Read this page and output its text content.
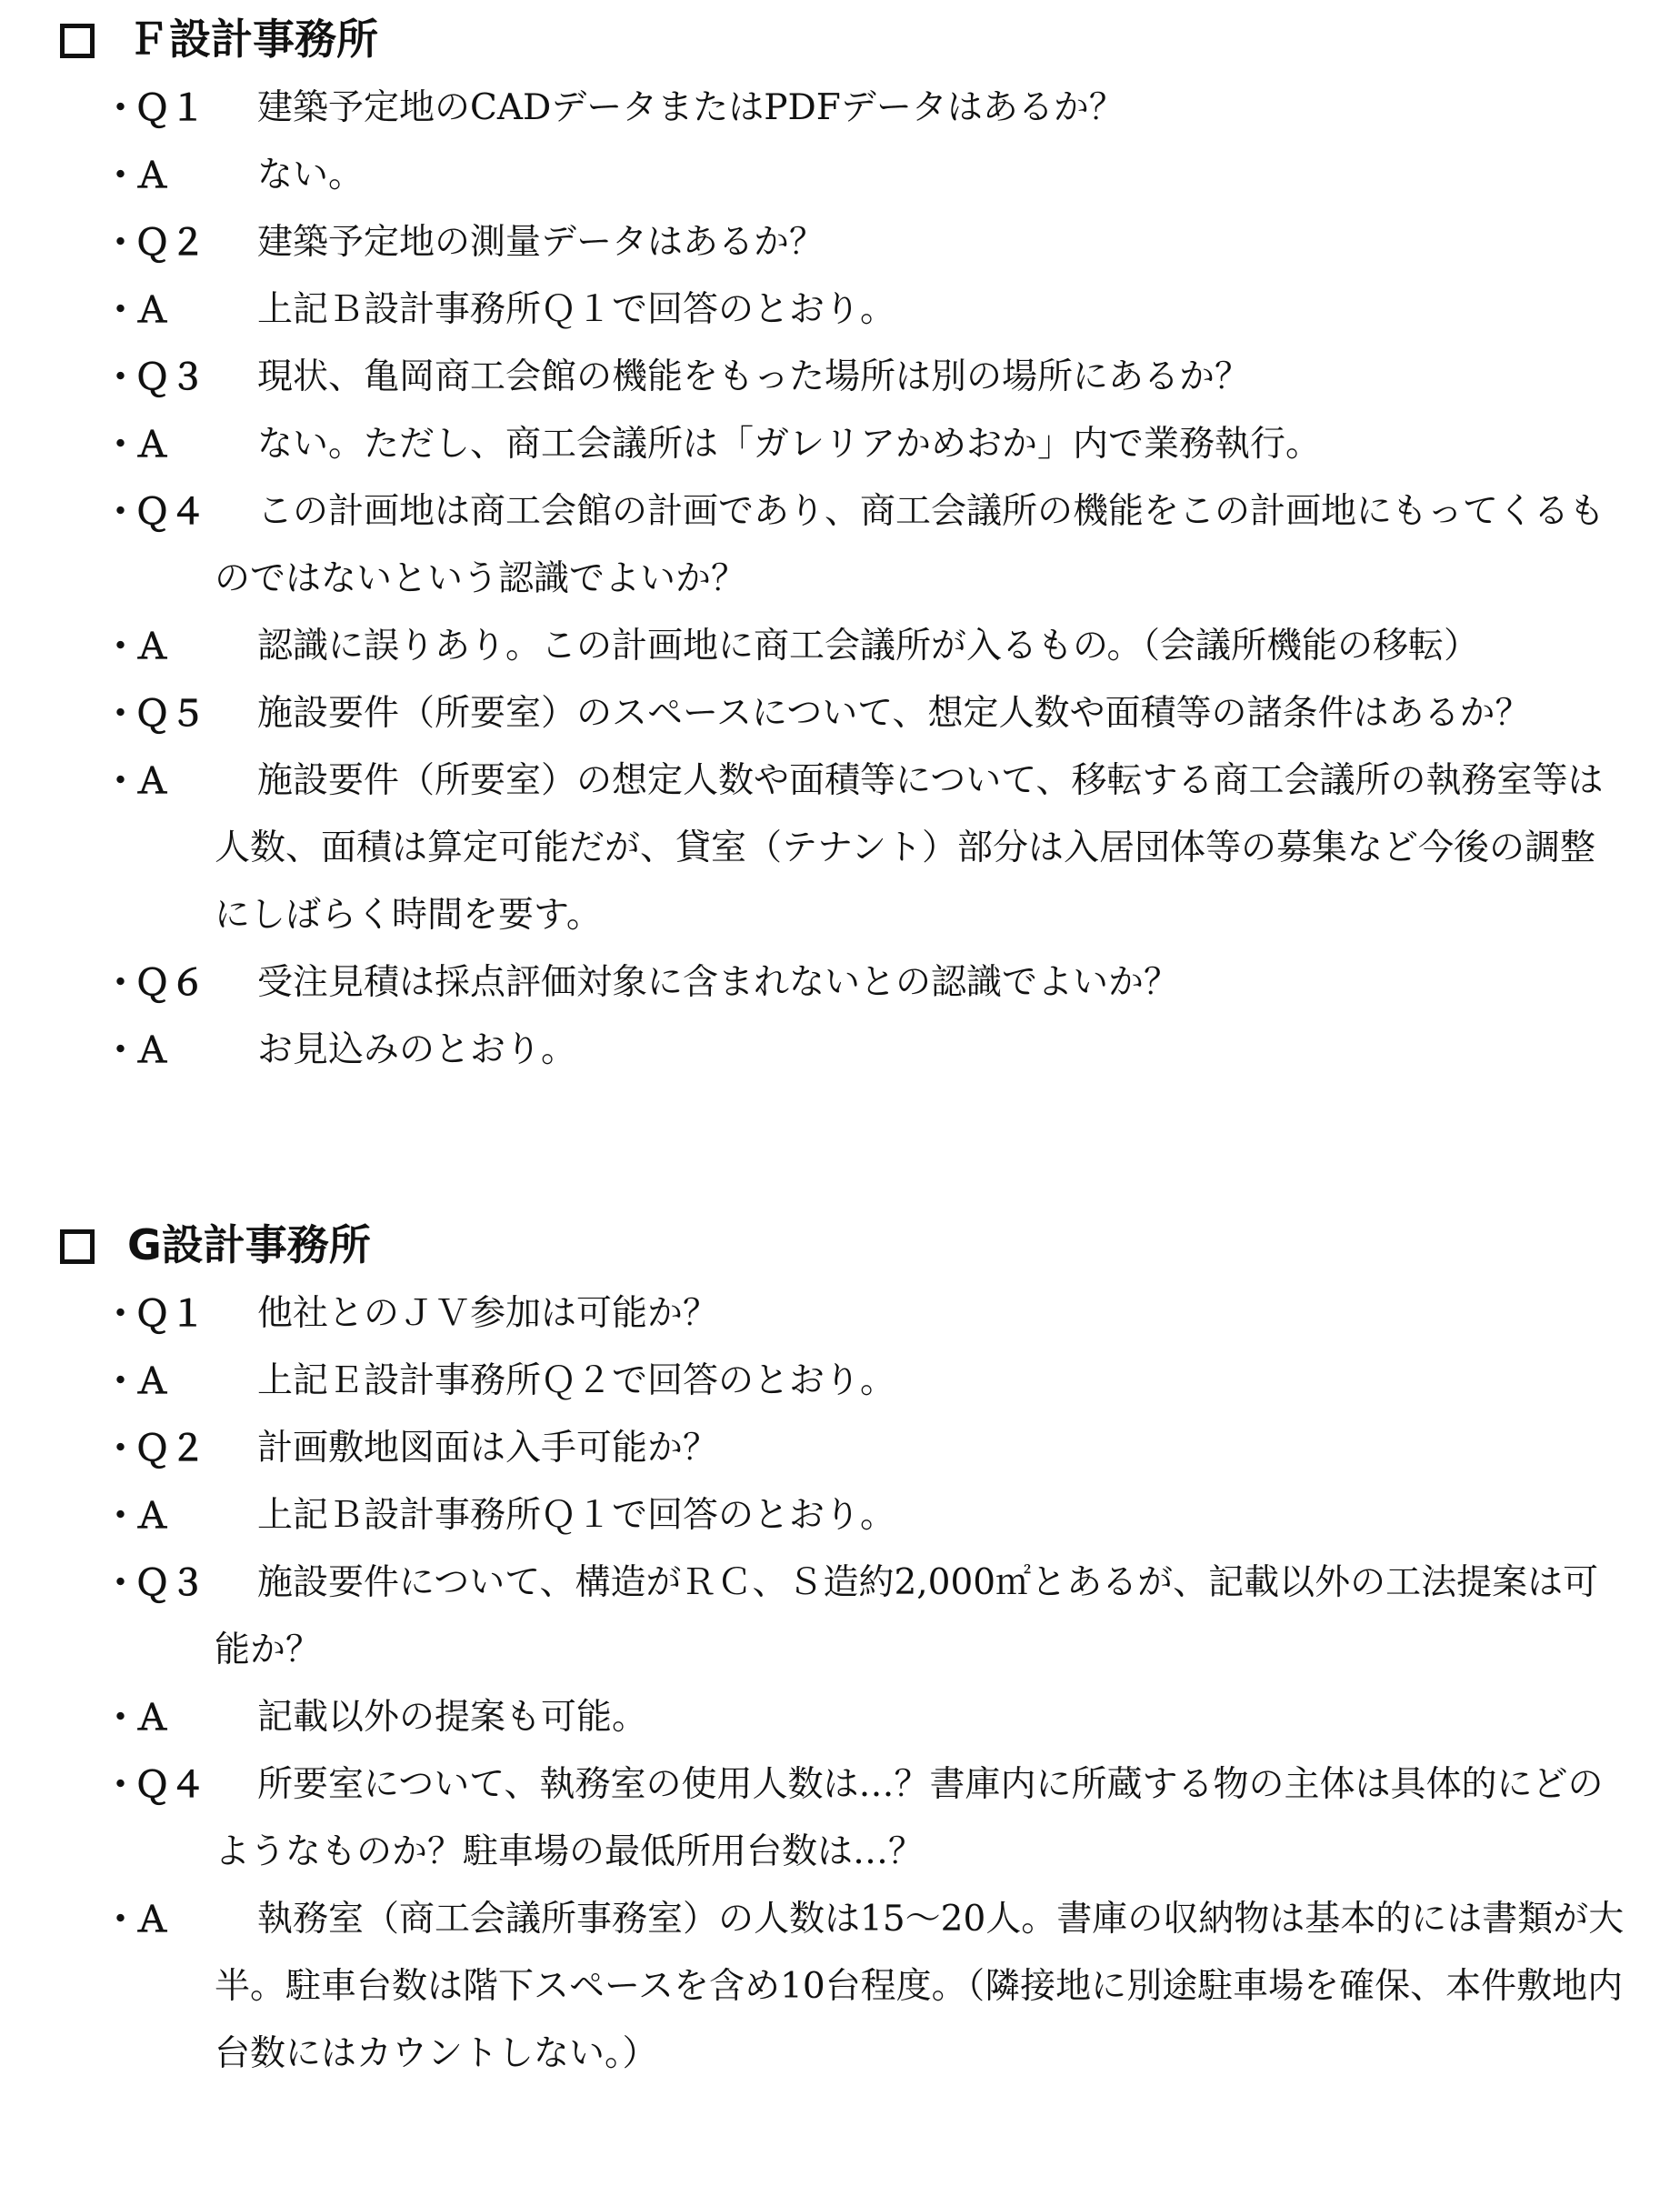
Ｆ設計事務所
・
Ｑ１ 建築予定地のCADデータまたはPDFデータはあるか？
・
Ａ ない。
・
Ｑ２ 建築予定地の測量データはあるか？
・
Ａ 上記Ｂ設計事務所Ｑ１で回答のとおり。
・
Ｑ３ 現状、亀岡商工会館の機能をもった場所は別の場所にあるか？
・
Ａ ない。ただし、商工会議所は「ガレリアかめおか」内で業務執行。
・
Ｑ４ この計画地は商工会館の計画であり、商工会議所の機能をこの計画地にもってくるものではないという認識でよいか？
・
Ａ 認識に誤りあり。この計画地に商工会議所が入るもの。（会議所機能の移転）
・
Ｑ５ 施設要件（所要室）のスペースについて、想定人数や面積等の諸条件はあるか？
・
Ａ 施設要件（所要室）の想定人数や面積等について、移転する商工会議所の執務室等は人数、面積は算定可能だが、貸室（テナント）部分は入居団体等の募集など今後の調整にしばらく時間を要す。
・
Ｑ６ 受注見積は採点評価対象に含まれないとの認識でよいか？
・
Ａ お見込みのとおり。
G設計事務所
・
Ｑ１ 他社とのＪＶ参加は可能か？
・
Ａ 上記Ｅ設計事務所Ｑ２で回答のとおり。
・
Ｑ２ 計画敷地図面は入手可能か？
・
Ａ 上記Ｂ設計事務所Ｑ１で回答のとおり。
・
Ｑ３ 施設要件について、構造がＲＣ、Ｓ造約2,000㎡とあるが、記載以外の工法提案は可能か？
・
Ａ 記載以外の提案も可能。
・
Ｑ４ 所要室について、執務室の使用人数は…？書庫内に所蔵する物の主体は具体的にどのようなものか？駐車場の最低所用台数は…？
・
Ａ 執務室（商工会議所事務室）の人数は15～20人。書庫の収納物は基本的には書類が大半。駐車台数は階下スペースを含め10台程度。（隣接地に別途駐車場を確保、本件敷地内台数にはカウントしない。）
